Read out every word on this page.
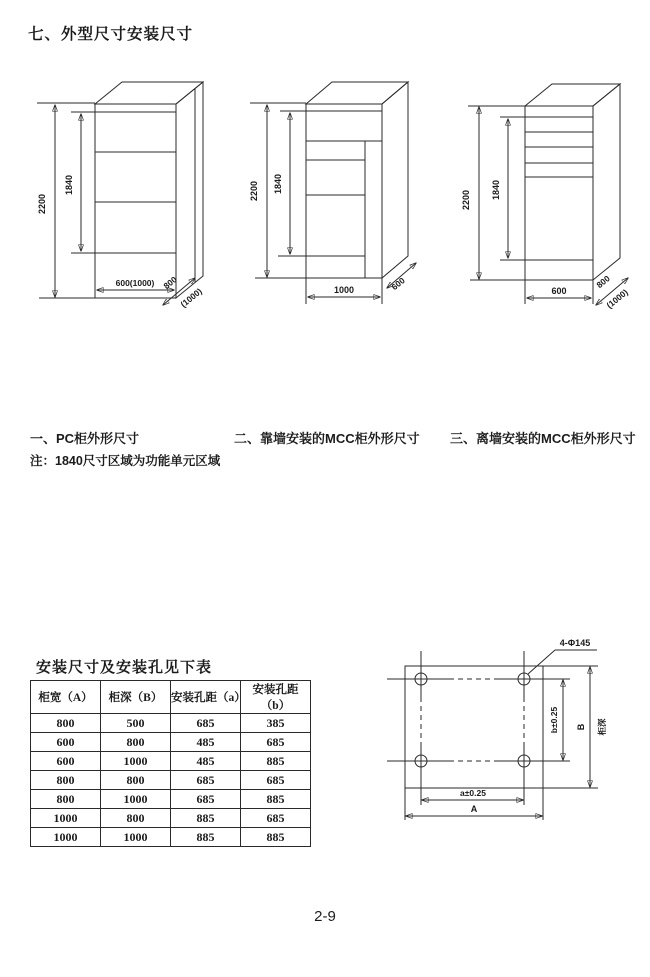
七、外型尺寸安装尺寸
2200
1840
600(1000) 800
(1000)
2200 1840
1000	600
2200 1840
600
800
(1000)
一、PC柜外形尺寸	二、靠墙安装的MCC柜外形尺寸 三、离墙安装的MCC柜外形尺寸
注：1840尺寸区域为功能单元区域
安装尺寸及安装孔见下表
柜宽（A）	柜深（B）	安装孔距（a）	安装孔距（b）
800	500	685	385
600	800	485	685
600	1000	485	885
800	800	685	685
800	1000	685	885
1000	800	885	685
1000	1000	885	885
4-Φ145
b±0.25 B 柜深
a±0.25
A
2-9
